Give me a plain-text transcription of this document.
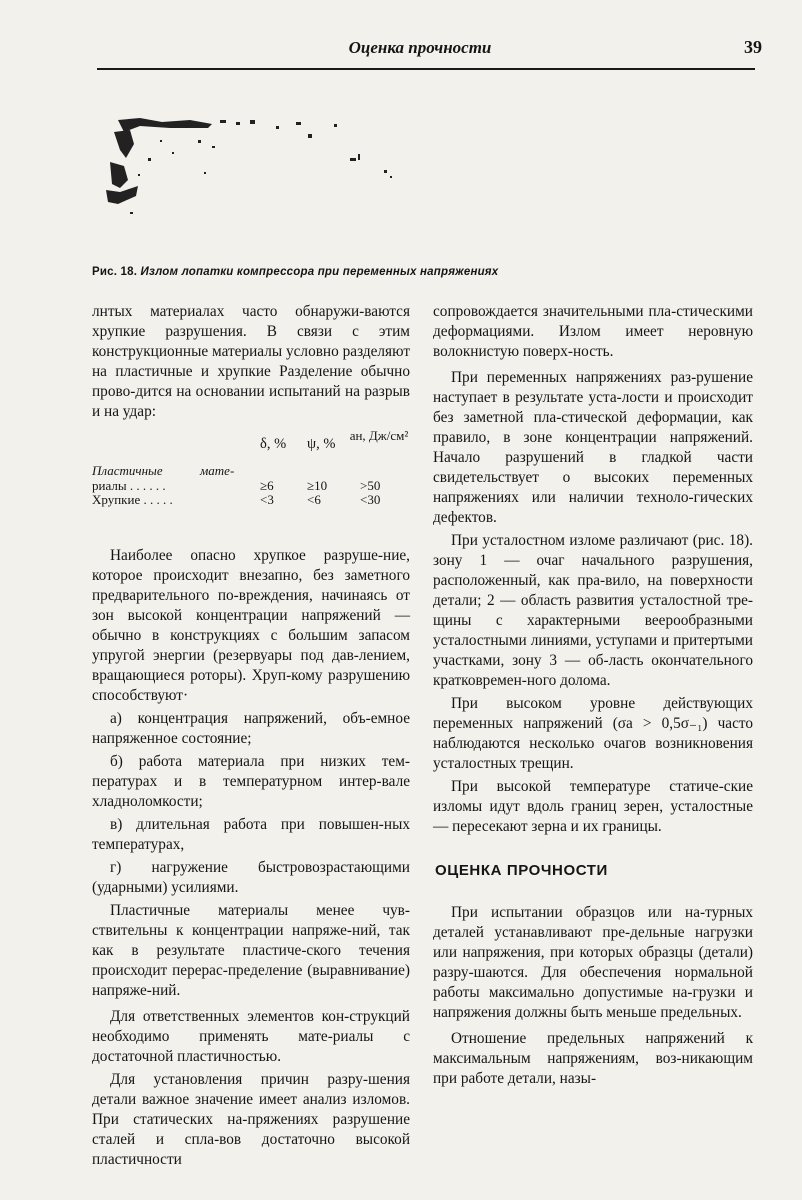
Оценка прочности	39
Рис. 18. Излом лопатки компрессора при переменных напряжениях

лнтых материалах часто обнаружи-ваются хрупкие разрушения. В связи с этим конструкционные материалы условно разделяют на пластичные и хрупкие Разделение обычно прово-дится на основании испытаний на разрыв и на удар:

δ, % ψ, %
aн, Дж/см²
Пластичные	мате-
риалы . . . . . .	≥6	≥10	>50
Хрупкие . . . . .	<3	<6	<30

Наиболее опасно хрупкое разруше-ние, которое происходит внезапно, без заметного предварительного по-вреждения, начинаясь от зон высокой концентрации напряжений — обычно в конструкциях с большим запасом упругой энергии (резервуары под дав-лением, вращающиеся роторы). Хруп-кому разрушению способствуют·

а) концентрация напряжений, объ-емное напряженное состояние;

б) работа материала при низких тем-пературах и в температурном интер-вале хладноломкости;

в) длительная работа при повышен-ных температурах,

г) нагружение быстровозрастающими (ударными) усилиями.

Пластичные материалы менее чув-ствительны к концентрации напряже-ний, так как в результате пластиче-ского течения происходит перерас-пределение (выравнивание) напряже-ний.

Для ответственных элементов кон-струкций необходимо применять мате-риалы с достаточной пластичностью.

Для установления причин разру-шения детали важное значение имеет анализ изломов. При статических на-пряжениях разрушение сталей и спла-вов достаточно высокой пластичности

сопровождается значительными пла-стическими деформациями. Излом имеет неровную волокнистую поверх-ность.

При переменных напряжениях раз-рушение наступает в результате уста-лости и происходит без заметной пла-стической деформации, как правило, в зоне концентрации напряжений. Начало разрушений в гладкой части свидетельствует о высоких переменных напряжениях или наличии техноло-гических дефектов.

При усталостном изломе различают (рис. 18). зону 1 — очаг начального разрушения, расположенный, как пра-вило, на поверхности детали; 2 — область развития усталостной тре-щины с характерными веерообразными усталостными линиями, уступами и притертыми участками, зону 3 — об-ласть окончательного кратковремен-ного долома.

При высоком уровне действующих переменных напряжений (σa > 0,5σ₋₁) часто наблюдаются несколько очагов возникновения усталостных трещин.

При высокой температуре статиче-ские изломы идут вдоль границ зерен, усталостные — пересекают зерна и их границы.

ОЦЕНКА ПРОЧНОСТИ

При испытании образцов или на-турных деталей устанавливают пре-дельные нагрузки или напряжения, при которых образцы (детали) разру-шаются. Для обеспечения нормальной работы максимально допустимые на-грузки и напряжения должны быть меньше предельных.

Отношение предельных напряжений к максимальным напряжениям, воз-никающим при работе детали, назы-
